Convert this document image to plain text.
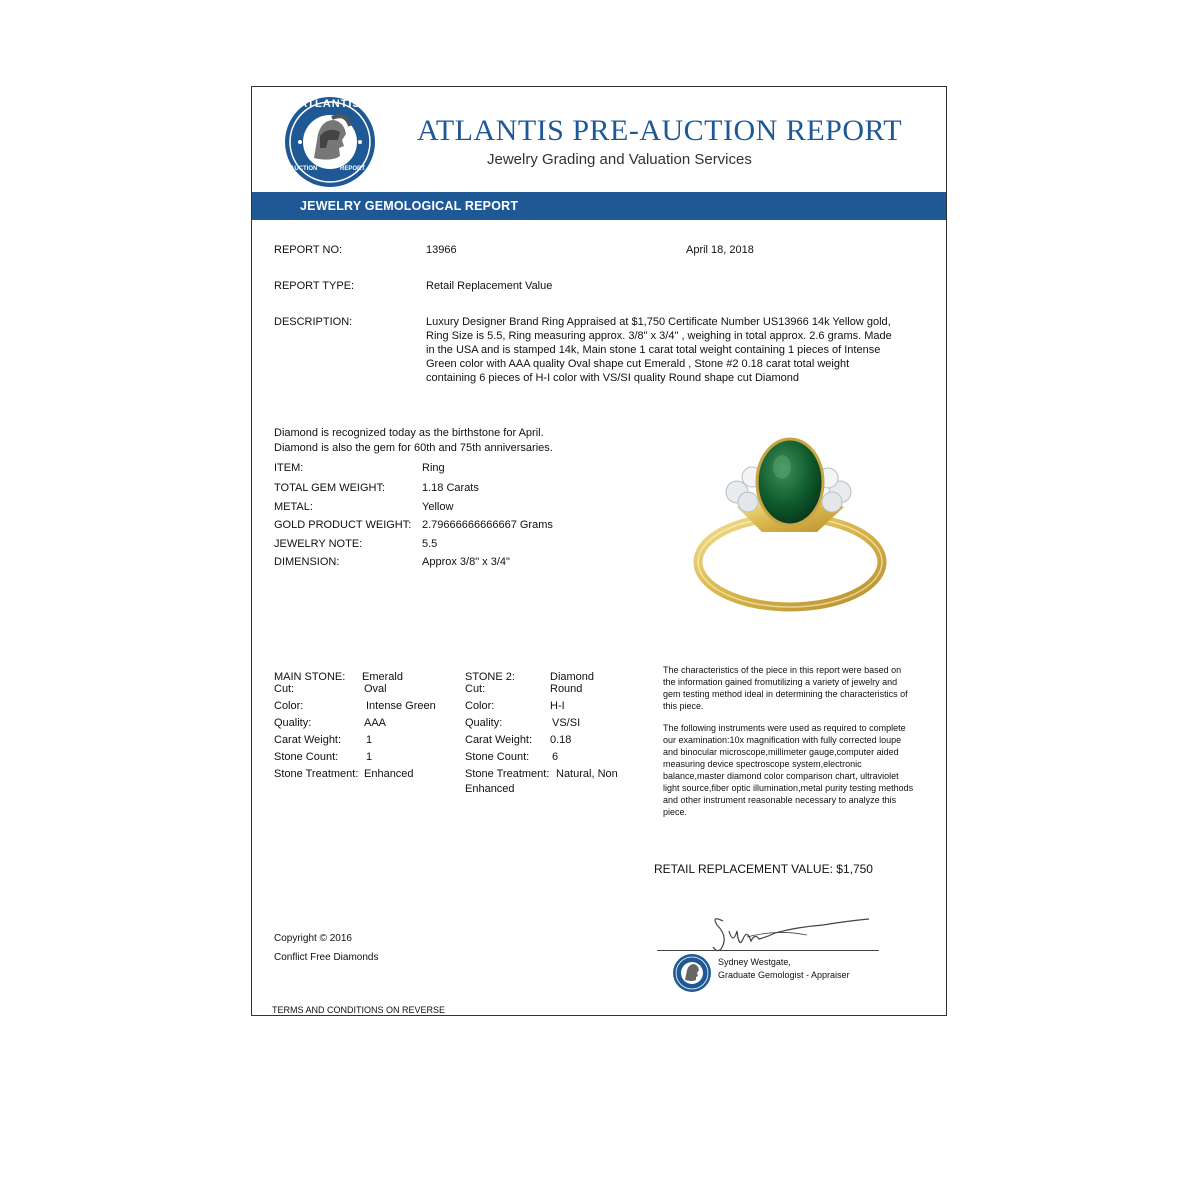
ATLANTIS
AUCTION	REPORT
ATLANTIS PRE-AUCTION REPORT
Jewelry Grading and Valuation Services
JEWELRY GEMOLOGICAL REPORT
REPORT NO:	13966	April 18, 2018
REPORT TYPE:	Retail Replacement Value
DESCRIPTION:	Luxury Designer Brand Ring Appraised at $1,750 Certificate Number US13966 14k Yellow gold, Ring Size is 5.5, Ring measuring approx. 3/8" x 3/4" , weighing in total approx. 2.6 grams. Made in the USA and is stamped 14k, Main stone 1 carat total weight containing 1 pieces of Intense Green color with AAA quality Oval shape cut Emerald , Stone #2 0.18 carat total weight containing 6 pieces of H-I color with VS/SI quality Round shape cut Diamond
Diamond is recognized today as the birthstone for April.
Diamond is also the gem for 60th and 75th anniversaries.
ITEM:	Ring
TOTAL GEM WEIGHT:	1.18 Carats
METAL:	Yellow
GOLD PRODUCT WEIGHT: 2.79666666666667 Grams
JEWELRY NOTE:	5.5
DIMENSION:	Approx 3/8" x 3/4"
MAIN STONE: Emerald
Cut:	Oval
Color:	Intense Green
Quality:	AAA
Carat Weight: 1
Stone Count:	1
Stone Treatment: Enhanced
STONE 2:	Diamond
Cut:	Round
Color:	H-I
Quality:	VS/SI
Carat Weight: 0.18
Stone Count: 6
Stone Treatment: Natural, Non
Enhanced

The characteristics of the piece in this report were based on the information gained fromutilizing a variety of jewelry and gem testing method ideal in determining the characteristics of this piece.

The following instruments were used as required to complete our examination:10x magnification with fully corrected loupe and binocular microscope,millimeter gauge,computer aided measuring device spectroscope system,electronic balance,master diamond color comparison chart, ultraviolet light source,fiber optic illumination,metal purity testing methods and other instrument reasonable necessary to analyze this piece.

RETAIL REPLACEMENT VALUE: $1,750
Sydney Westgate,
Graduate Gemologist - Appraiser
Copyright © 2016
Conflict Free Diamonds
TERMS AND CONDITIONS ON REVERSE
